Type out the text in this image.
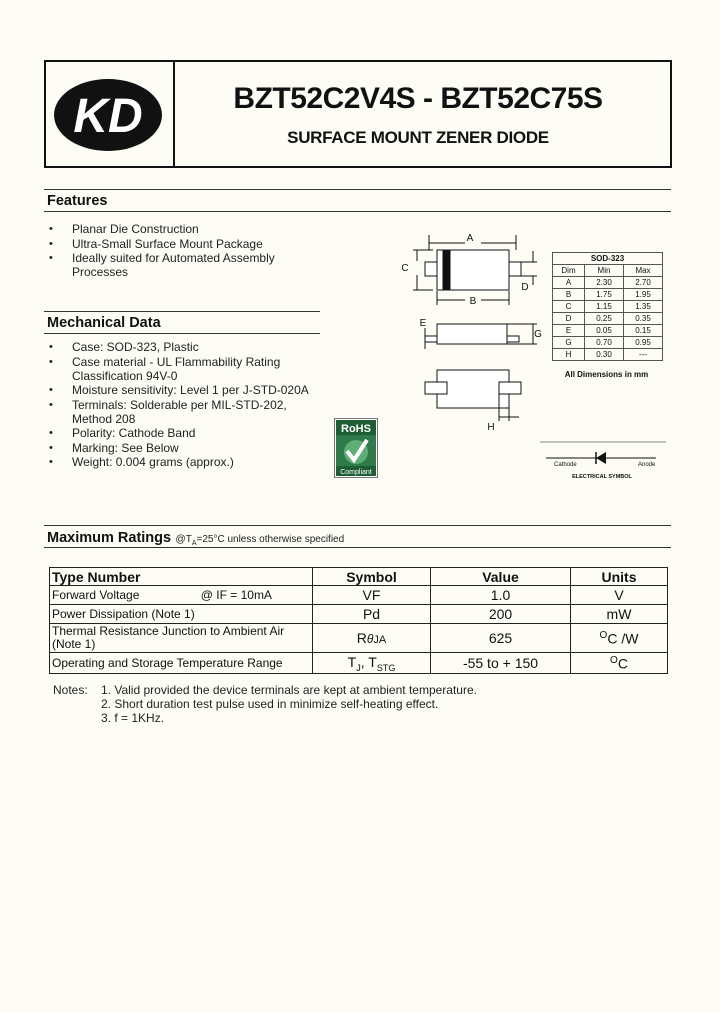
KD	BZT52C2V4S - BZT52C75S
SURFACE MOUNT ZENER DIODE
Features
• Planar Die Construction
• Ultra-Small Surface Mount Package
• Ideally suited for Automated Assembly
Processes
Mechanical Data
• Case: SOD-323, Plastic
• Case material - UL Flammability Rating
Classification 94V-0
• Moisture sensitivity: Level 1 per J-STD-020A
• Terminals: Solderable per MIL-STD-202,
Method 208
• Polarity: Cathode Band
• Marking: See Below
• Weight: 0.004 grams (approx.)
RoHS
Compliant
A
B
C
D
E
G
H
SOD-323		
Dim	Min	Max
A	2.30	2.70
B	1.75	1.95
C	1.15	1.35
D	0.25	0.35
E	0.05	0.15
G	0.70	0.95
H	0.30	---
All Dimensions in mm
Cathode	Anode
ELECTRICAL SYMBOL
Maximum Ratings $@T_A=25^\circ C$ unless otherwise specified
Type Number	Symbol	Value	Units
Forward Voltage @ IF = 10mA	VF	1.0	V
Power Dissipation (Note 1)	Pd	200	mW
Thermal Resistance Junction to Ambient Air
(Note 1)	RθJA	625	$^O$C /W
Operating and Storage Temperature Range	$T_J$, $T_{STG}$	-55 to + 150	$^O$C
Notes: 1. Valid provided the device terminals are kept at ambient temperature.
2. Short duration test pulse used in minimize self-heating effect.
3. f = 1KHz.
